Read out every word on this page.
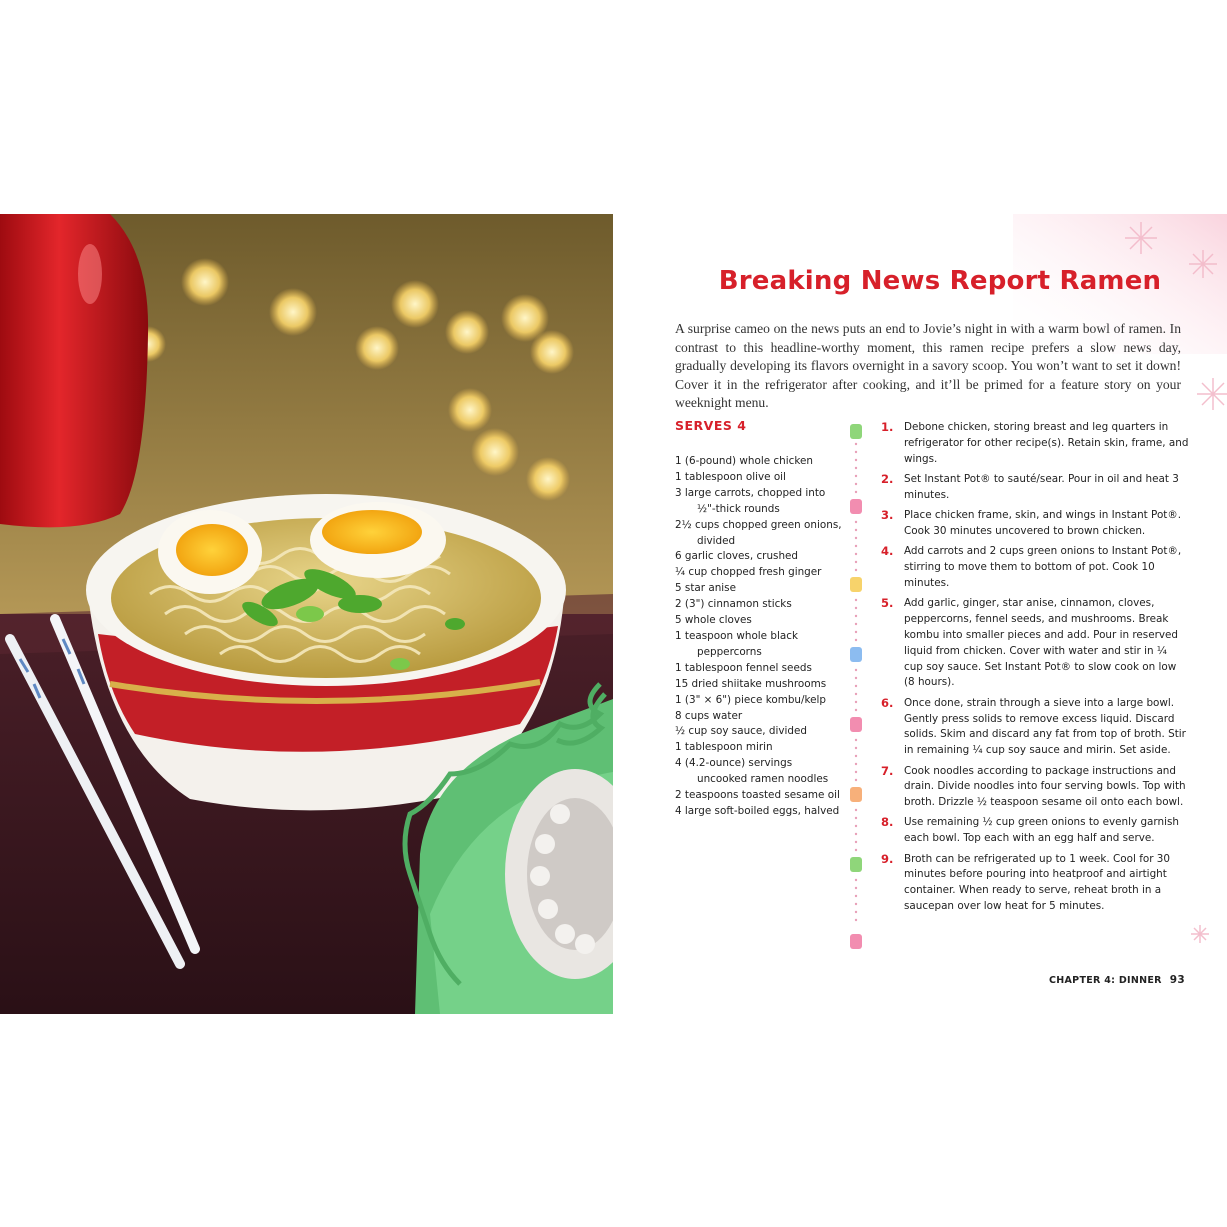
Breaking News Report Ramen

A surprise cameo on the news puts an end to Jovie’s night in with a warm bowl of ramen. In contrast to this headline-worthy moment, this ramen recipe prefers a slow news day, gradually developing its flavors overnight in a savory scoop. You won’t want to set it down! Cover it in the refrigerator after cooking, and it’ll be primed for a feature story on your weeknight menu.

SERVES 4

1 (6-pound) whole chicken
1 tablespoon olive oil
3 large carrots, chopped into ½"-thick rounds
2½ cups chopped green onions, divided
6 garlic cloves, crushed
¼ cup chopped fresh ginger
5 star anise
2 (3") cinnamon sticks
5 whole cloves
1 teaspoon whole black peppercorns
1 tablespoon fennel seeds
15 dried shiitake mushrooms
1 (3" × 6") piece kombu/kelp
8 cups water
½ cup soy sauce, divided
1 tablespoon mirin
4 (4.2-ounce) servings uncooked ramen noodles
2 teaspoons toasted sesame oil
4 large soft-boiled eggs, halved
1. Debone chicken, storing breast and leg quarters in refrigerator for other recipe(s). Retain skin, frame, and wings.
2. Set Instant Pot® to sauté/sear. Pour in oil and heat 3 minutes.
3. Place chicken frame, skin, and wings in Instant Pot®. Cook 30 minutes uncovered to brown chicken.
4. Add carrots and 2 cups green onions to Instant Pot®, stirring to move them to bottom of pot. Cook 10 minutes.
5. Add garlic, ginger, star anise, cinnamon, cloves, peppercorns, fennel seeds, and mushrooms. Break kombu into smaller pieces and add. Pour in reserved liquid from chicken. Cover with water and stir in ¼ cup soy sauce. Set Instant Pot® to slow cook on low (8 hours).
6. Once done, strain through a sieve into a large bowl. Gently press solids to remove excess liquid. Discard solids. Skim and discard any fat from top of broth. Stir in remaining ¼ cup soy sauce and mirin. Set aside.
7. Cook noodles according to package instructions and drain. Divide noodles into four serving bowls. Top with broth. Drizzle ½ teaspoon sesame oil onto each bowl.
8. Use remaining ½ cup green onions to evenly garnish each bowl. Top each with an egg half and serve.
9. Broth can be refrigerated up to 1 week. Cool for 30 minutes before pouring into heatproof and airtight container. When ready to serve, reheat broth in a saucepan over low heat for 5 minutes.

CHAPTER 4: DINNER 93
